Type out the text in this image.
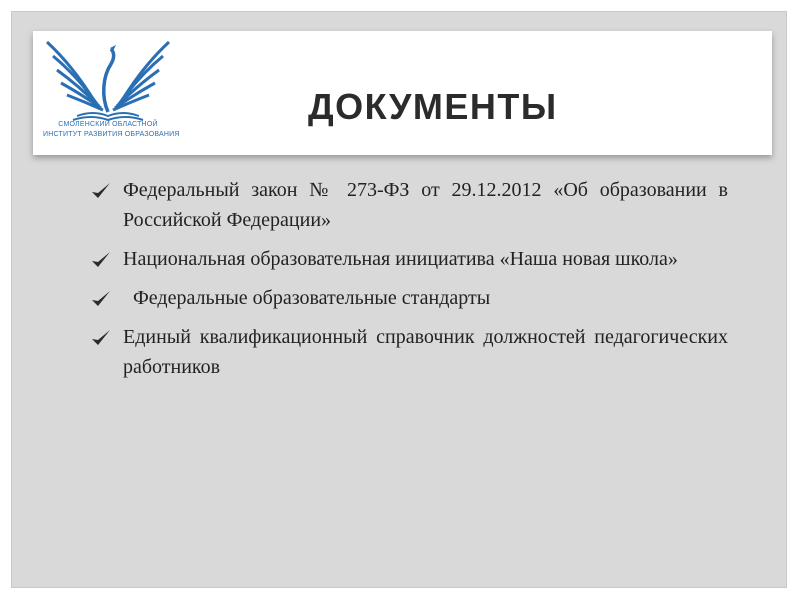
СМОЛЕНСКИЙ ОБЛАСТНОЙ
ИНСТИТУТ РАЗВИТИЯ ОБРАЗОВАНИЯ
ДОКУМЕНТЫ
Федеральный закон № 273-ФЗ от 29.12.2012 «Об образовании в Российской Федерации»
Национальная образовательная инициатива «Наша новая школа»
Федеральные образовательные стандарты
Единый квалификационный справочник должностей педагогических работников
